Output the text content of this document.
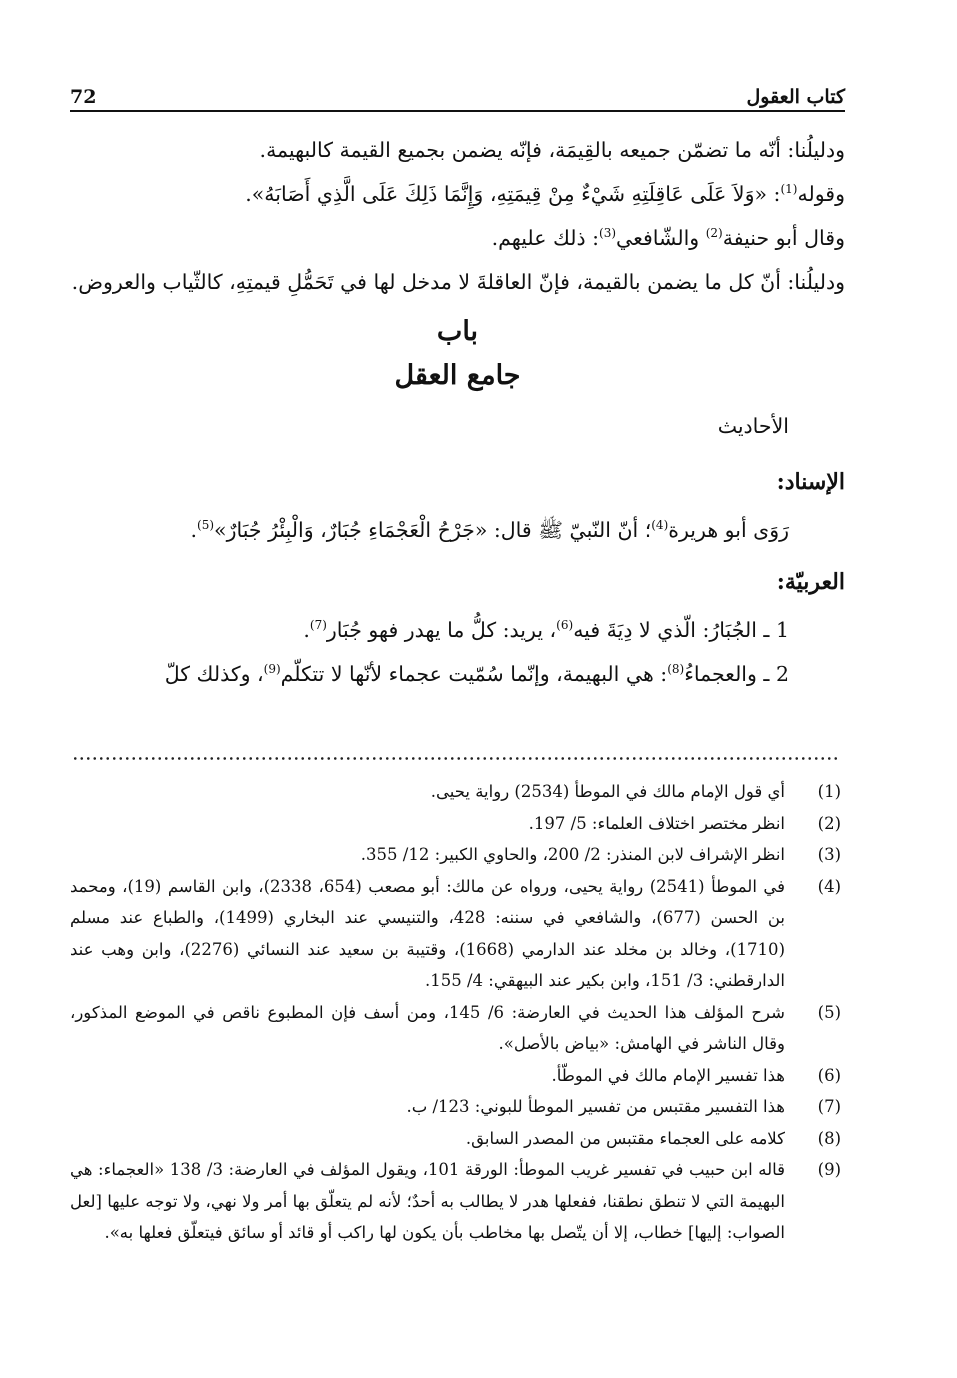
كتاب العقول
72

ودليلُنا: أنّه ما تضمّن جميعه بالقِيمَة، فإنّه يضمن بجميع القيمة كالبهيمة.

وقوله$^{(1)}$: «وَلاَ عَلَى عَاقِلَتِهِ شَيْءٌ مِنْ قِيمَتِهِ، وَإِنَّمَا ذَلِكَ عَلَى الَّذِي أَصَابَهُ».

وقال أبو حنيفة$^{(2)}$ والشّافعي$^{(3)}$: ذلك عليهم.

ودليلُنا: أنّ كل ما يضمن بالقيمة، فإنّ العاقلةَ لا مدخل لها في تَحَمُّلِ قيمتِهِ، كالثّياب والعروض.

باب

جامع العقل

الأحاديث

الإسناد:

رَوَى أبو هريرة$^{(4)}$؛ أنّ النّبيّ ﷺ قال: «جَرْحُ الْعَجْمَاءِ جُبَارٌ، وَالْبِئْرُ جُبَارٌ»$^{(5)}$.

العربيّة:

1 ـ الجُبَارُ: الّذي لا دِيَةَ فيه$^{(6)}$، يريد: كلُّ ما يهدر فهو جُبَار$^{(7)}$.

2 ـ والعجماءُ$^{(8)}$: هي البهيمة، وإنّما سُمّيت عجماء لأنّها لا تتكلّم$^{(9)}$، وكذلك كلّ

(1)
أي قول الإمام مالك في الموطأ (2534) رواية يحيى.
(2)
انظر مختصر اختلاف العلماء: 5/ 197.
(3)
انظر الإشراف لابن المنذر: 2/ 200، والحاوي الكبير: 12/ 355.
(4)
في الموطأ (2541) رواية يحيى، ورواه عن مالك: أبو مصعب (654، 2338)، وابن القاسم (19)، ومحمد بن الحسن (677)، والشافعي في سننه: 428، والتنيسي عند البخاري (1499)، والطباع عند مسلم (1710)، وخالد بن مخلد عند الدارمي (1668)، وقتيبة بن سعيد عند النسائي (2276)، وابن وهب عند الدارقطني: 3/ 151، وابن بكير عند البيهقي: 4/ 155.
(5)
شرح المؤلف هذا الحديث في العارضة: 6/ 145، ومن أسف فإن المطبوع ناقص في الموضع المذكور، وقال الناشر في الهامش: «بياض بالأصل».
(6)
هذا تفسير الإمام مالك في الموطّأ.
(7)
هذا التفسير مقتبس من تفسير الموطأ للبوني: 123/ ب.
(8)
كلامه على العجماء مقتبس من المصدر السابق.
(9)
قاله ابن حبيب في تفسير غريب الموطأ: الورقة 101، ويقول المؤلف في العارضة: 3/ 138 «العجماء: هي البهيمة التي لا تنطق نطقنا، ففعلها هدر لا يطالب به أحدٌ؛ لأنه لم يتعلّق بها أمر ولا نهي، ولا توجه عليها [لعل الصواب: إليها] خطاب، إلا أن يتّصل بها مخاطب بأن يكون لها راكب أو قائد أو سائق فيتعلّق فعلها به».
